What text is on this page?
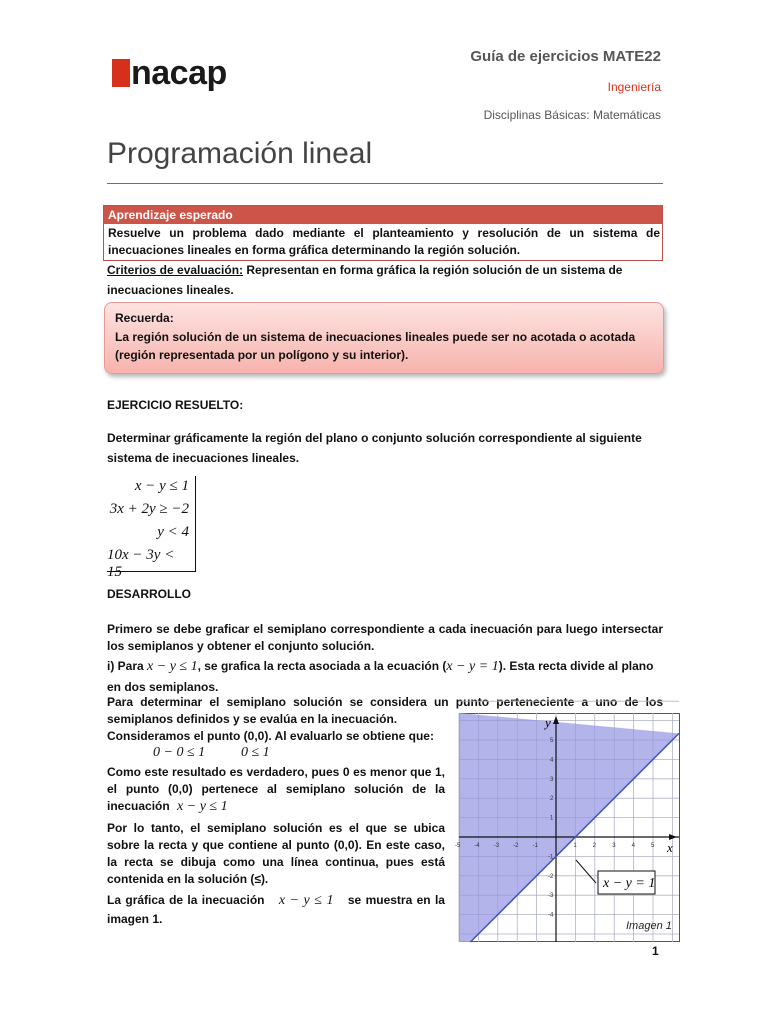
nacap	Guía de ejercicios MATE22
Ingeniería
Disciplinas Básicas: Matemáticas
Programación lineal
Aprendizaje esperado
Resuelve un problema dado mediante el planteamiento y resolución de un sistema de inecuaciones lineales en forma gráfica determinando la región solución.
Criterios de evaluación: Representan en forma gráfica la región solución de un sistema de inecuaciones lineales.
Recuerda:
La región solución de un sistema de inecuaciones lineales puede ser no acotada o acotada (región representada por un polígono y su interior).
EJERCICIO RESUELTO:
Determinar gráficamente la región del plano o conjunto solución correspondiente al siguiente sistema de inecuaciones lineales.
x − y ≤ 1
3x + 2y ≥ −2
y < 4
10x − 3y < 15
DESARROLLO
Primero se debe graficar el semiplano correspondiente a cada inecuación para luego intersectar los semiplanos y obtener el conjunto solución.
i) Para x − y ≤ 1, se grafica la recta asociada a la ecuación (x − y = 1). Esta recta divide al plano en dos semiplanos.
Para determinar el semiplano solución se considera un punto perteneciente a uno de los semiplanos definidos y se evalúa en la inecuación.
Consideramos el punto (0,0). Al evaluarlo se obtiene que:
0 − 0 ≤ 1	0 ≤ 1
Como este resultado es verdadero, pues 0 es menor que 1, el punto (0,0) pertenece al semiplano solución de la inecuación x − y ≤ 1
Por lo tanto, el semiplano solución es el que se ubica sobre la recta y que contiene al punto (0,0). En este caso, la recta se dibuja como una línea continua, pues está contenida en la solución (≤).
La gráfica de la inecuación x − y ≤ 1 se muestra en la imagen 1.
x
y
-5 -4 -3 -2 -1	1	2	3	4	5
5
4
3
2
1
-1
-2
-3
-4
x − y = 1
Imagen 1
1
